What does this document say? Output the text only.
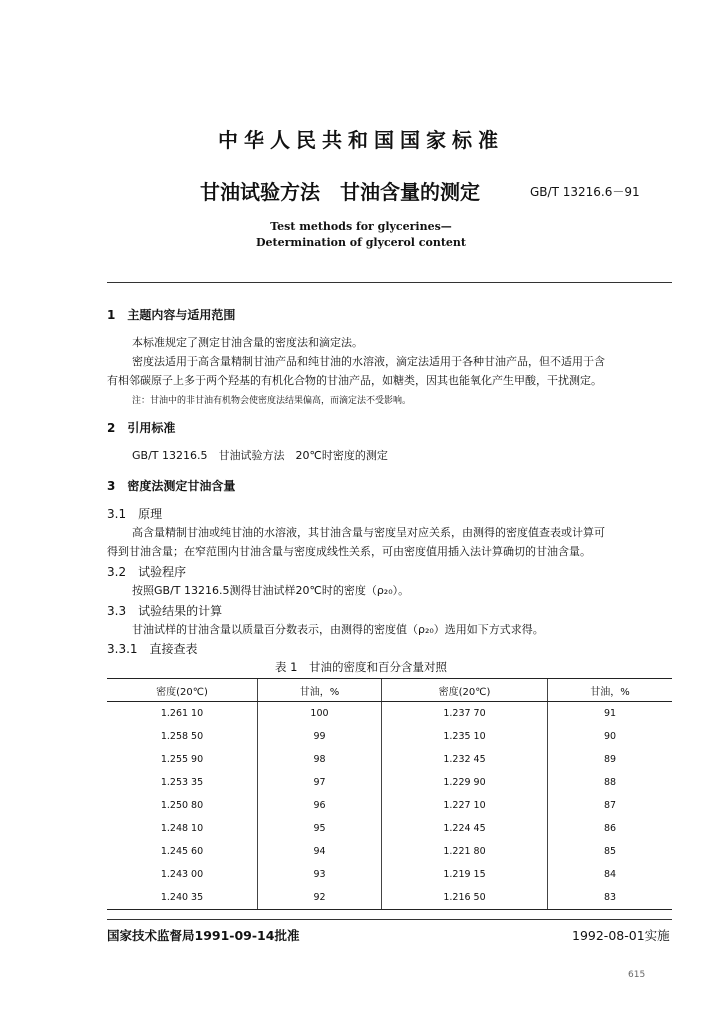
中华人民共和国国家标准
甘油试验方法　甘油含量的测定	GB/T 13216.6－91
Test methods for glycerines—
Determination of glycerol content
1　主题内容与适用范围
本标准规定了测定甘油含量的密度法和滴定法。
密度法适用于高含量精制甘油产品和纯甘油的水溶液，滴定法适用于各种甘油产品，但不适用于含
有相邻碳原子上多于两个羟基的有机化合物的甘油产品，如糖类，因其也能氧化产生甲酸，干扰测定。
注：甘油中的非甘油有机物会使密度法结果偏高，而滴定法不受影响。
2　引用标准
GB/T 13216.5　甘油试验方法　20℃时密度的测定
3　密度法测定甘油含量
3.1　原理
高含量精制甘油或纯甘油的水溶液，其甘油含量与密度呈对应关系，由测得的密度值查表或计算可
得到甘油含量；在窄范围内甘油含量与密度成线性关系，可由密度值用插入法计算确切的甘油含量。
3.2　试验程序
按照GB/T 13216.5测得甘油试样20℃时的密度（ρ₂₀）。
3.3　试验结果的计算
甘油试样的甘油含量以质量百分数表示，由测得的密度值（ρ₂₀）选用如下方式求得。
3.3.1　直接查表
表 1　甘油的密度和百分含量对照
密度(20℃)	甘油，%	密度(20℃)	甘油，%
1.261 10	100	1.237 70	91
1.258 50	99	1.235 10	90
1.255 90	98	1.232 45	89
1.253 35	97	1.229 90	88
1.250 80	96	1.227 10	87
1.248 10	95	1.224 45	86
1.245 60	94	1.221 80	85
1.243 00	93	1.219 15	84
1.240 35	92	1.216 50	83
国家技术监督局1991-09-14批准	1992-08-01实施
615
